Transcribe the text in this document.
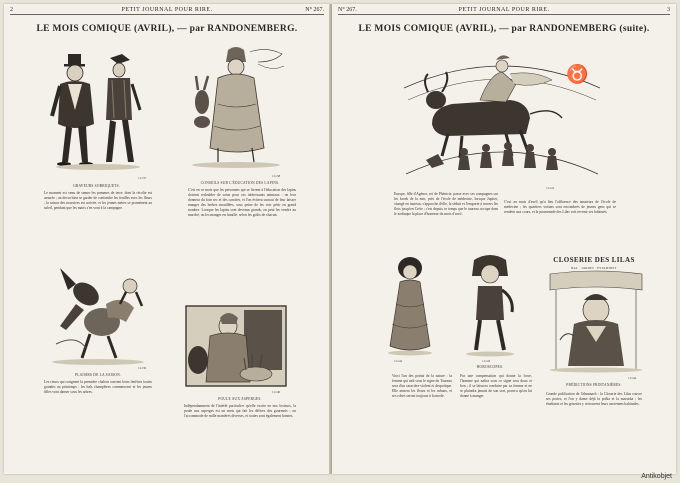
2	PETIT JOURNAL POUR RIRE.	N° 267.
LE MOIS COMIQUE (AVRIL), — par RANDONEMBERG.
11137
GRAVEURS SOBRIQUETS.

Le moment est venu de semer les pommes de terre, dont la récolte est assurée ; on devra bien se garder de confondre les feuilles avec les fleurs ; la saison des nourrices est arrivée, et les jeunes mères se promènent au soleil, pendant que les maris s'en vont à la campagne.

11138
CONSEILS SUR L'ÉDUCATION DES LAPINS.

C'est en ce mois que les personnes qui se livrent à l'éducation des lapins doivent redoubler de soins pour ces intéressants animaux ; on leur donnera du foin sec et des carottes, et l'on évitera surtout de leur laisser manger des herbes mouillées, sous peine de les voir périr en grand nombre. Lorsque les lapins sont devenus grands, on peut les vendre au marché, ou les manger en famille, selon les goûts de chacun.

11139
PLAISIRS DE LA SAISON.

Les rieurs qui craignent la première chaleur ouvrent leurs fenêtres toutes grandes au printemps ; les bals champêtres commencent et les jeunes filles vont danser sous les arbres.	11140
POULE AUX ASPERGES.

Indépendamment de l'intérêt particulier qu'elle excite en nos lecteurs, la poule aux asperges est un mets qui fait les délices des gourmets ; on l'accommode de mille manières diverses, et toutes sont également bonnes.

N° 267.	PETIT JOURNAL POUR RIRE.	3
LE MOIS COMIQUE (AVRIL), — par RANDONEMBERG (suite).
♉
11141

Europe, fille d'Agénor, roi de Phénicie, passe avec ses compagnes sur les bords de la mer, près de l'école de médecine, lorsque Jupiter, changé en taureau, s'approche d'elle, la séduit et l'emporte à travers les flots jusqu'en Crète ; c'est depuis ce temps que le taureau occupe dans le zodiaque la place d'honneur du mois d'avril.

C'est au mois d'avril qu'a lieu l'affluence des amateurs de l'école de médecine ; les quartiers voisins sont encombrés de jeunes gens qui se rendent aux cours, et la promenade des Lilas voit revenir ses habitués.

11142	11143
HOROSCOPES.
CLOSERIE DES LILAS
BAL · JARDIN · ESTAMINET
11144
PRÉDICTIONS PRINTANIÈRES.

Voici l'un des points de la nature : la femme qui naît sous le signe du Taureau sera d'un caractère violent et despotique. Elle aimera les fleurs et les rubans, et ses robes seront toujours à la mode.

Par une compensation qui donne la force, l'homme qui naîtra sous ce signe sera doux et bon ; il se laissera conduire par sa femme et ne se plaindra jamais de son sort, pourvu qu'on lui donne à manger.	Grande publication de l'almanach : la Closerie des Lilas rouvre ses portes, et l'on y danse déjà la polka et la mazurka ; les étudiants et les grisettes y retrouvent leurs anciennes habitudes.

Antikobjet
